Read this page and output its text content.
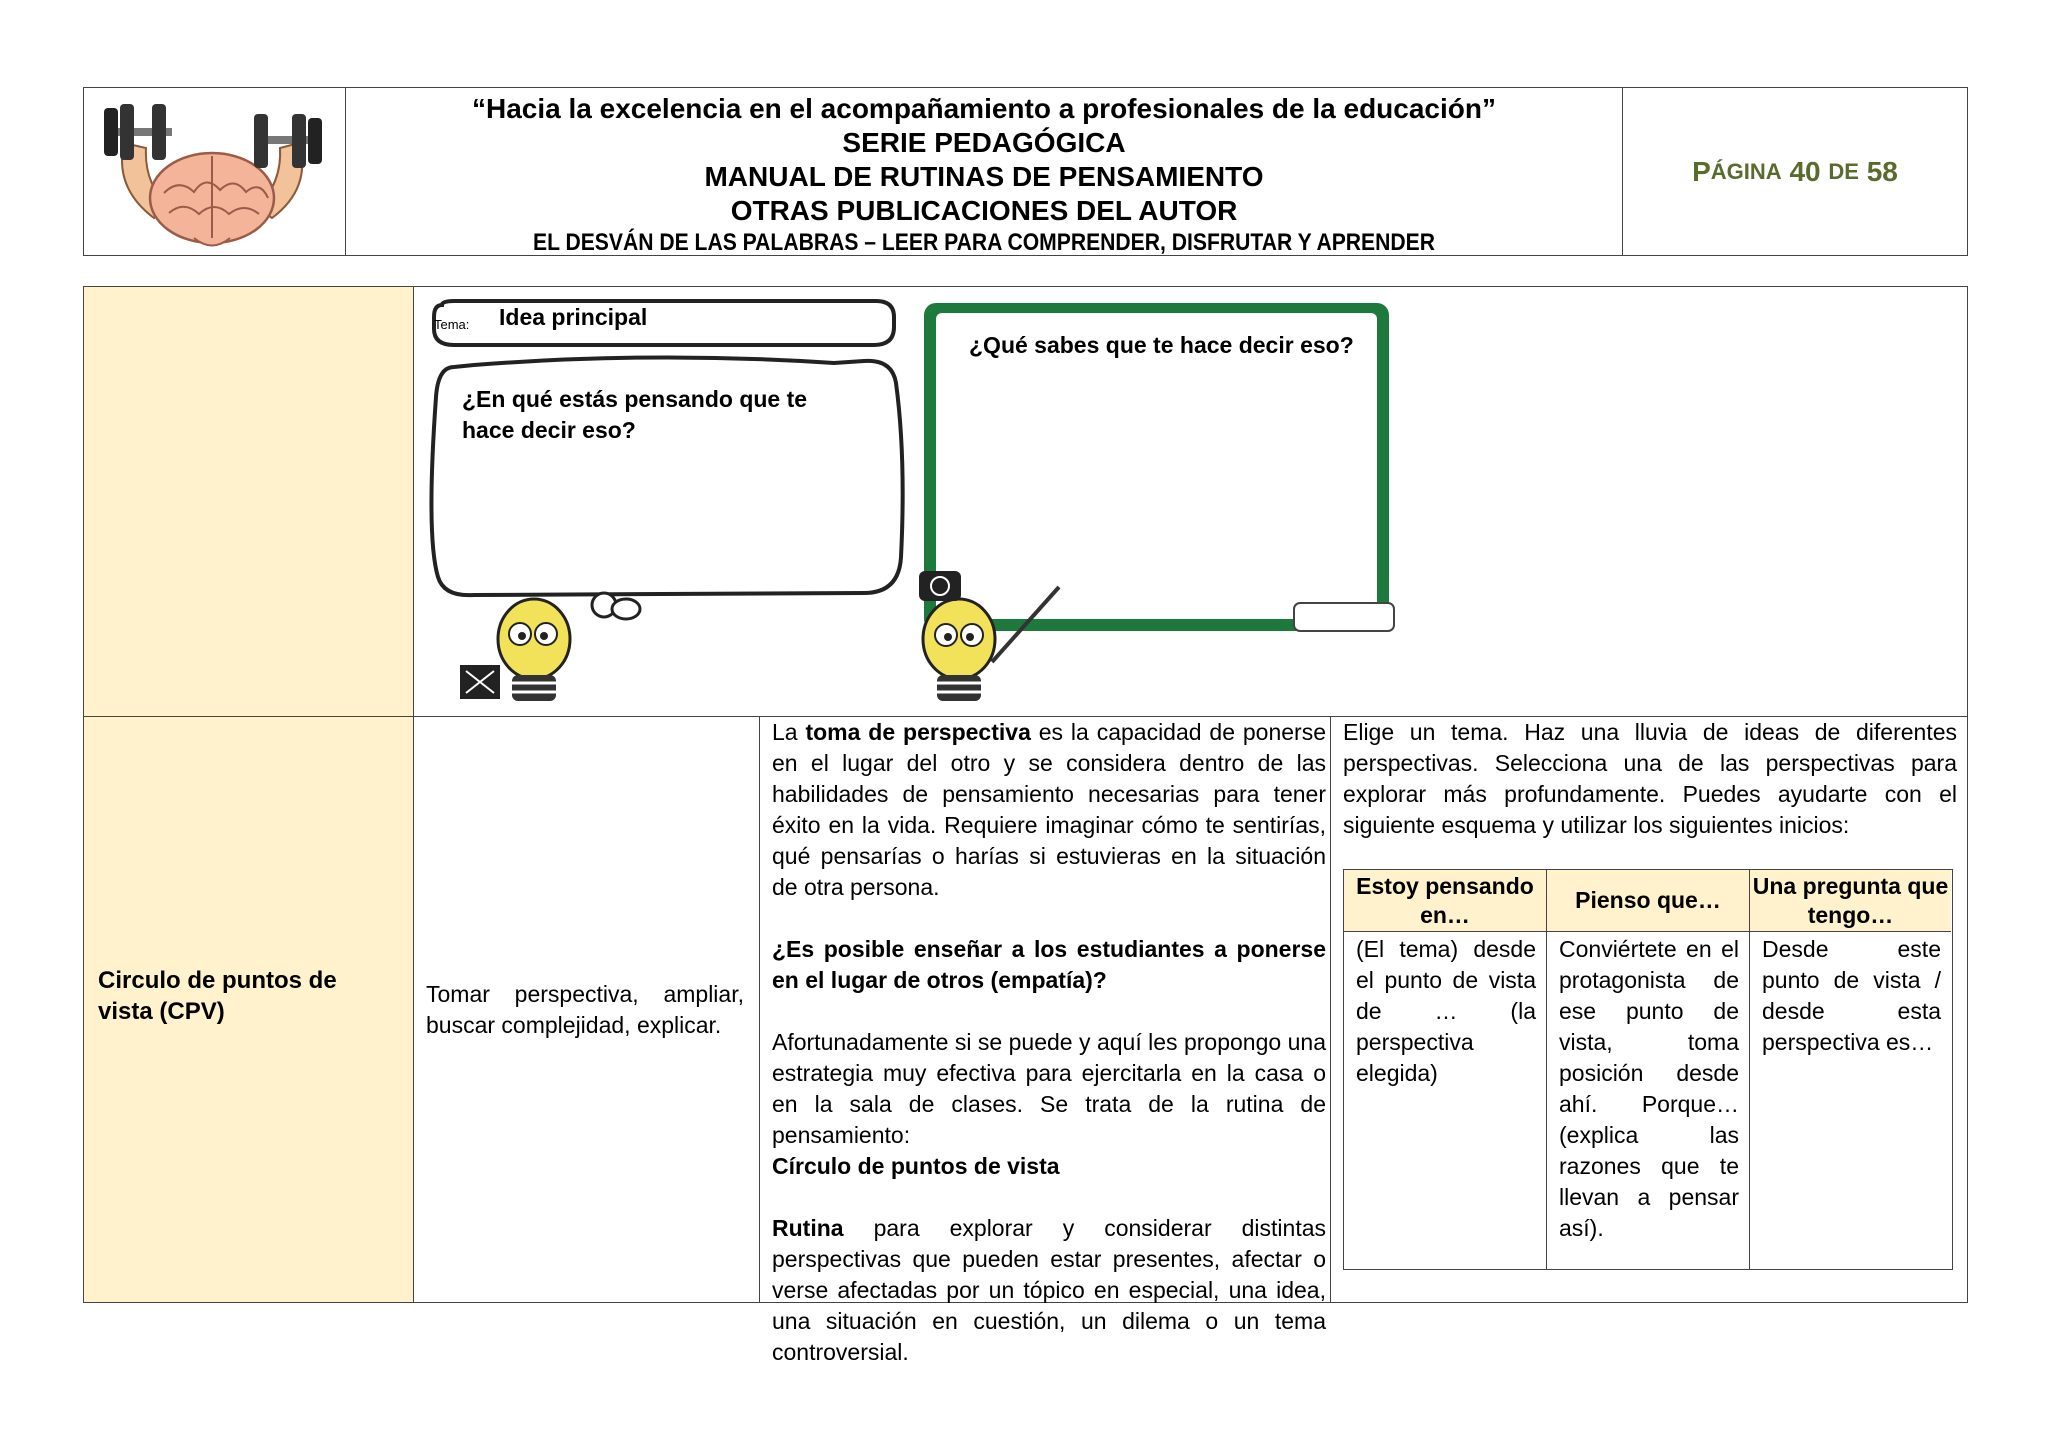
“Hacia la excelencia en el acompañamiento a profesionales de la educación”
SERIE PEDAGÓGICA
MANUAL DE RUTINAS DE PENSAMIENTO
OTRAS PUBLICACIONES DEL AUTOR
EL DESVÁN DE LAS PALABRAS – LEER PARA COMPRENDER, DISFRUTAR Y APRENDER
P ÁGINA
40
DE
58
Tema: Idea principal
¿En qué estás pensando que te hace decir eso?
¿Qué sabes que te hace decir eso?
Circulo de puntos de vista (CPV)
Tomar perspectiva, ampliar, buscar complejidad, explicar.

La toma de perspectiva es la capacidad de ponerse en el lugar del otro y se considera dentro de las habilidades de pensamiento necesarias para tener éxito en la vida. Requiere imaginar cómo te sentirías, qué pensarías o harías si estuvieras en la situación de otra persona.

¿Es posible enseñar a los estudiantes a ponerse en el lugar de otros (empatía)?

Afortunadamente si se puede y aquí les propongo una estrategia muy efectiva para ejercitarla en la casa o en la sala de clases. Se trata de la rutina de pensamiento:
Círculo de puntos de vista

Rutina para explorar y considerar distintas perspectivas que pueden estar presentes, afectar o verse afectadas por un tópico en especial, una idea, una situación en cuestión, un dilema o un tema controversial.

Elige un tema. Haz una lluvia de ideas de diferentes perspectivas. Selecciona una de las perspectivas para explorar más profundamente. Puedes ayudarte con el siguiente esquema y utilizar los siguientes inicios:
Estoy pensando en…
Pienso que…
Una pregunta que tengo…
(El tema) desde el punto de vista de … (la perspectiva elegida)
Conviértete en el protagonista de ese punto de vista, toma posición desde ahí. Porque… (explica las razones que te llevan a pensar así).
Desde este punto de vista / desde esta perspectiva es…
